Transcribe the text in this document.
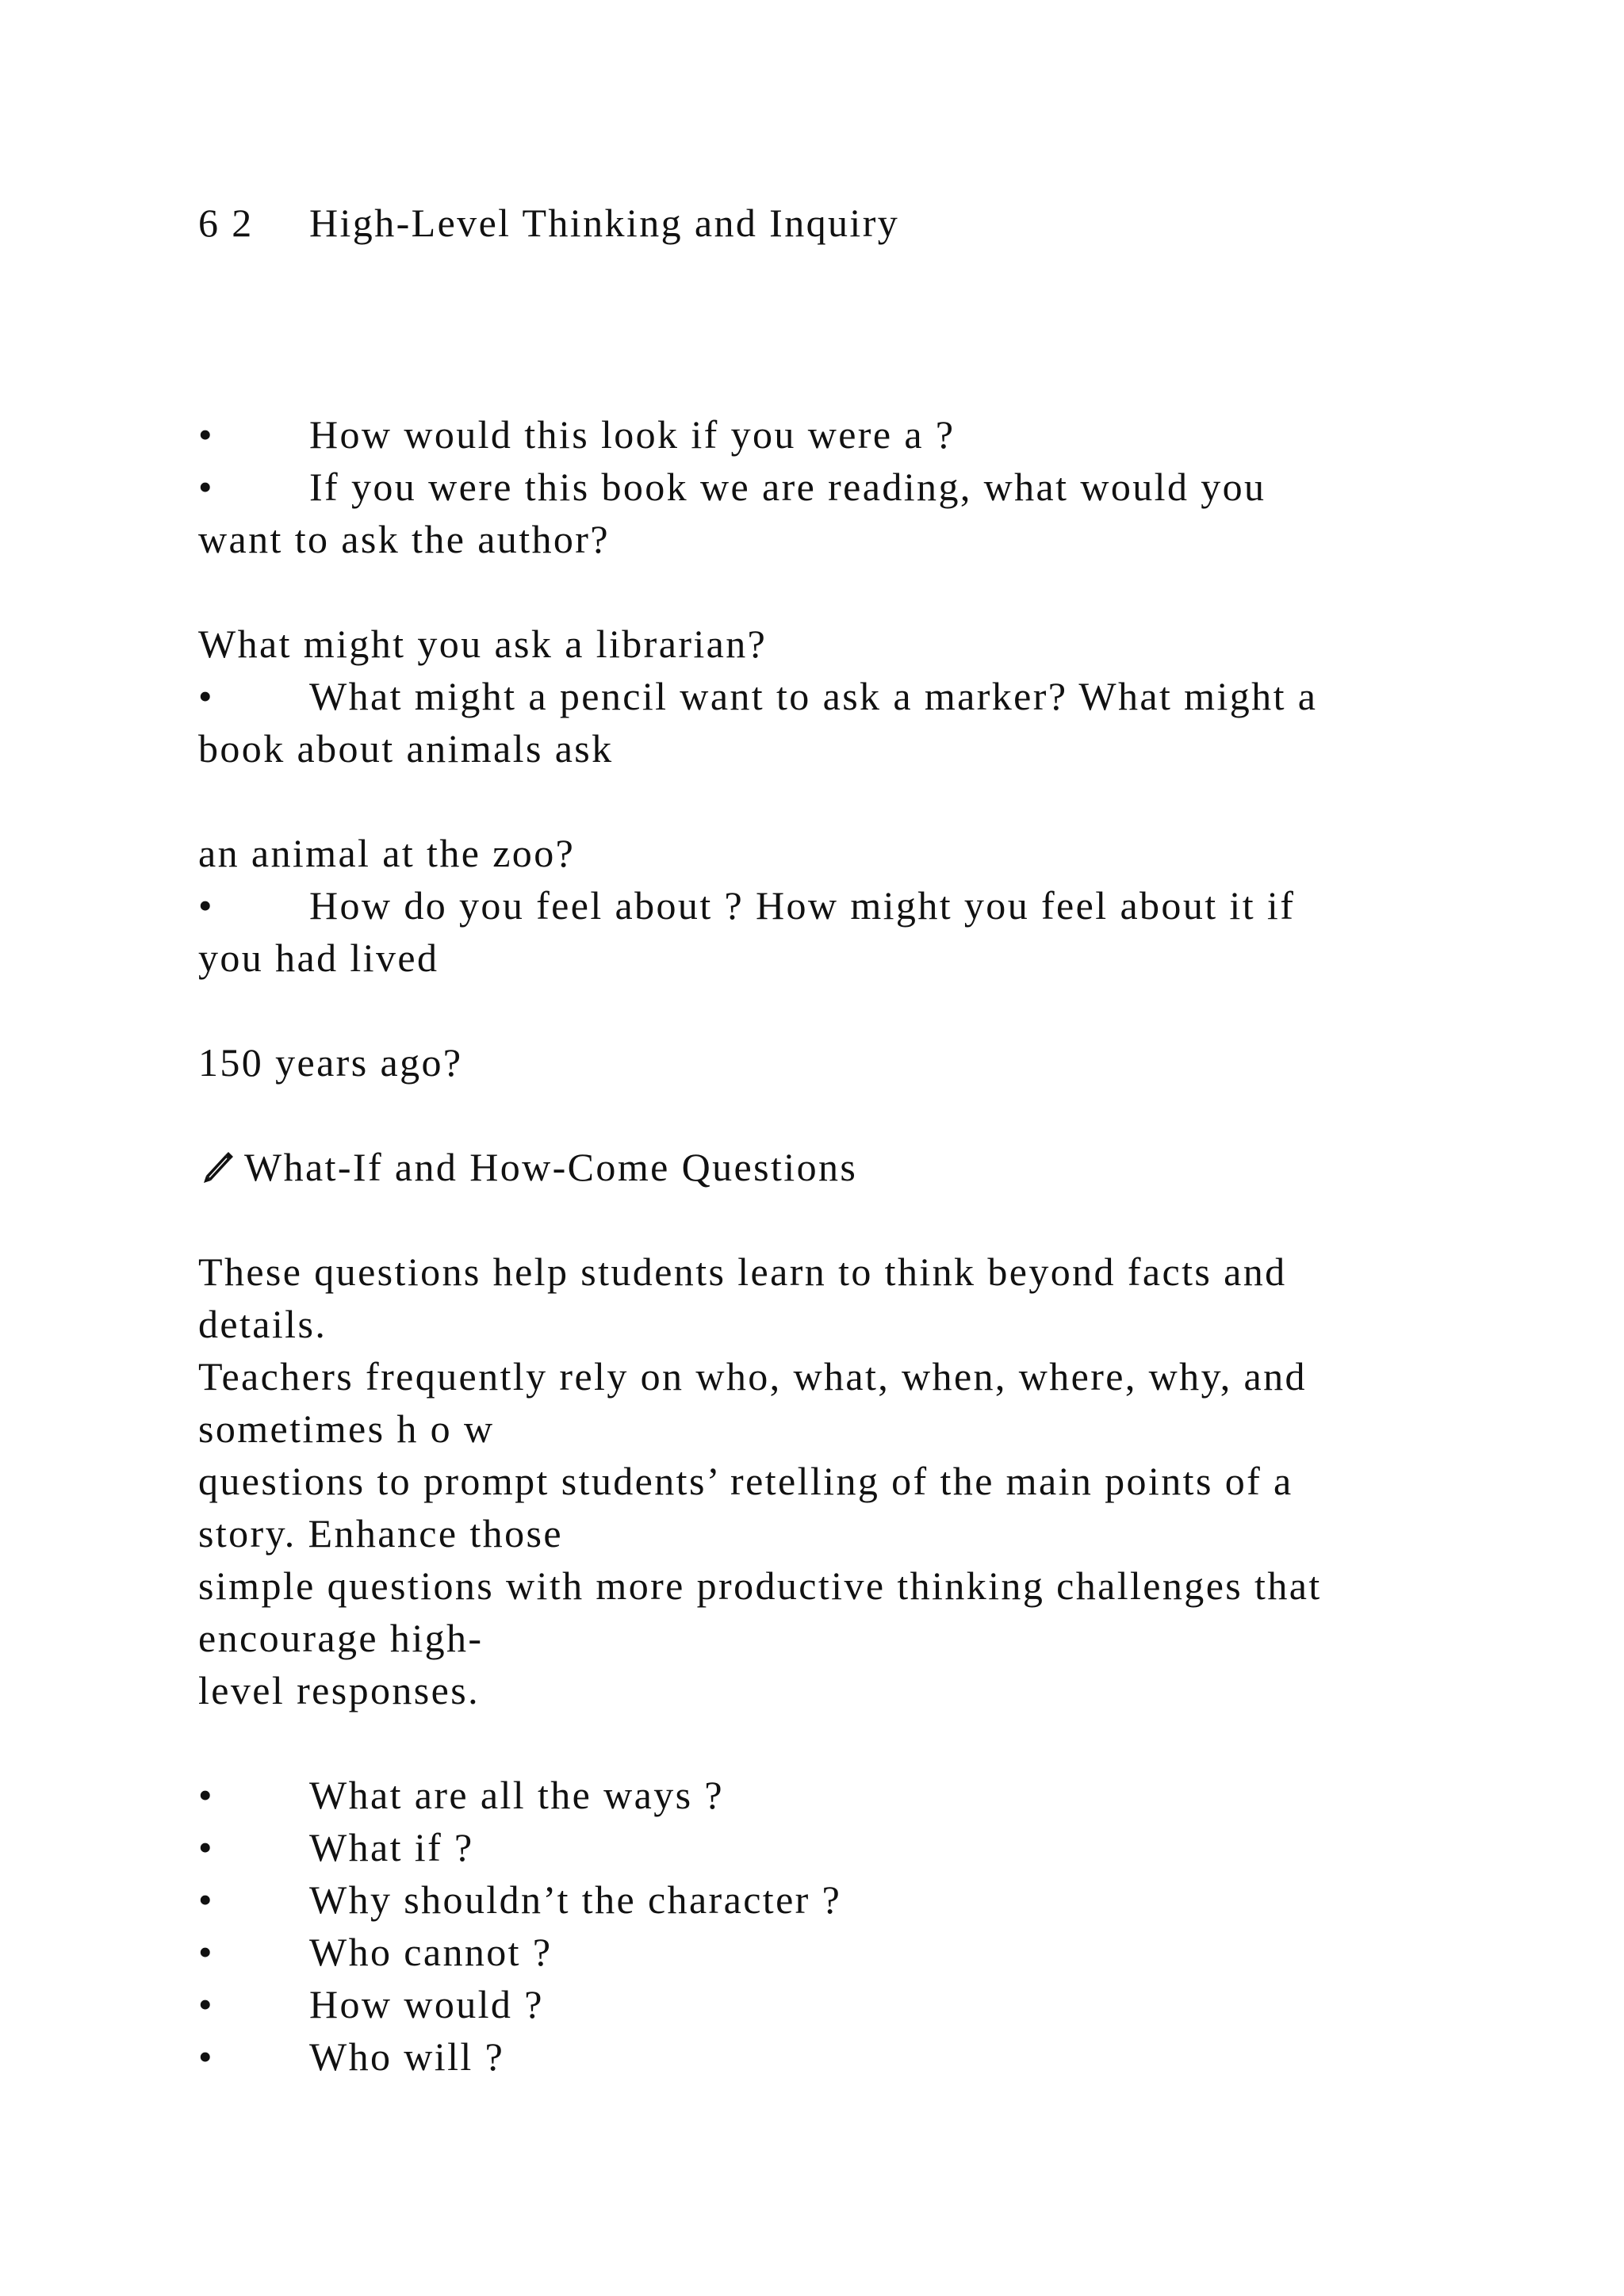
6 2 High-Level Thinking and Inquiry
• How would this look if you were a ?
• If you were this book we are reading, what would you
want to ask the author?
What might you ask a librarian?
• What might a pencil want to ask a marker? What might a
book about animals ask
an animal at the zoo?
• How do you feel about ? How might you feel about it if
you had lived
150 years ago?
What-If and How-Come Questions
These questions help students learn to think beyond facts and
details.
Teachers frequently rely on who, what, when, where, why, and
sometimes h o w
questions to prompt students’ retelling of the main points of a
story. Enhance those
simple questions with more productive thinking challenges that
encourage high-
level responses.
• What are all the ways ?
• What if ?
• Why shouldn’t the character ?
• Who cannot ?
• How would ?
• Who will ?
